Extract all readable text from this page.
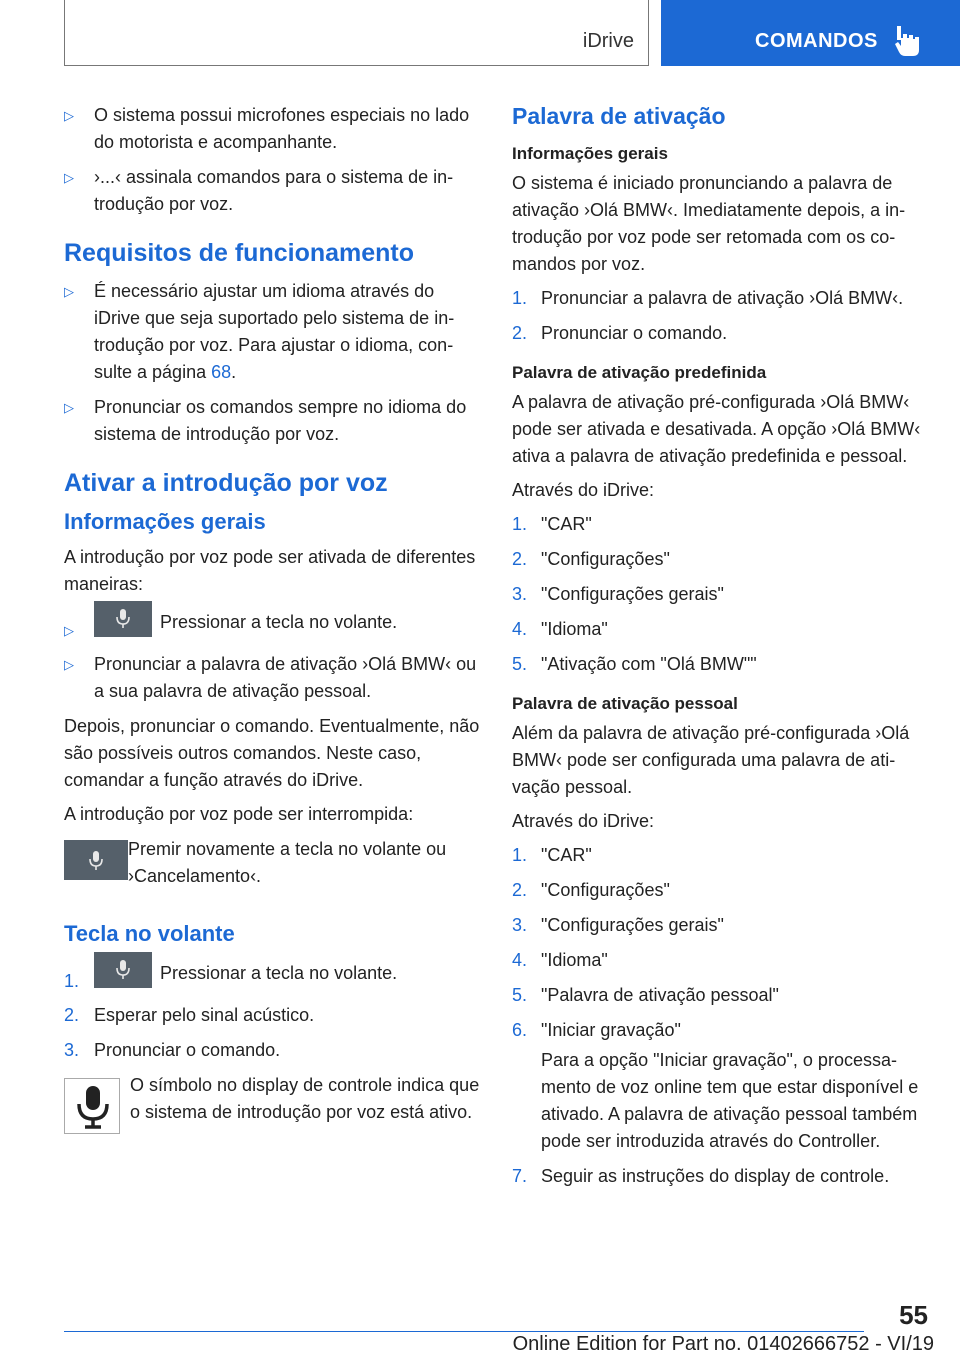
iDrive	COMANDOS
▷ O sistema possui microfones especiais no lado do motorista e acompanhante.
▷ ›...‹ assinala comandos para o sistema de introdução por voz.
Requisitos de funcionamento
▷ É necessário ajustar um idioma através do iDrive que seja suportado pelo sistema de introdução por voz. Para ajustar o idioma, consulte a página 68.
▷ Pronunciar os comandos sempre no idioma do sistema de introdução por voz.
Ativar a introdução por voz
Informações gerais

A introdução por voz pode ser ativada de diferentes maneiras:

▷	Pressionar a tecla no volante.
▷ Pronunciar a palavra de ativação ›Olá BMW‹ ou a sua palavra de ativação pessoal.

Depois, pronunciar o comando. Eventualmente, não são possíveis outros comandos. Neste caso, comandar a função através do iDrive.

A introdução por voz pode ser interrompida:

Premir novamente a tecla no volante ou ›Cancelamento‹.
Tecla no volante
1.	Pressionar a tecla no volante.
2. Esperar pelo sinal acústico.
3. Pronunciar o comando.
O símbolo no display de controle indica que o sistema de introdução por voz está ativo.
Palavra de ativação
Informações gerais

O sistema é iniciado pronunciando a palavra de ativação ›Olá BMW‹. Imediatamente depois, a introdução por voz pode ser retomada com os comandos por voz.

1. Pronunciar a palavra de ativação ›Olá BMW‹.
2. Pronunciar o comando.
Palavra de ativação predefinida

A palavra de ativação pré-configurada ›Olá BMW‹ pode ser ativada e desativada. A opção ›Olá BMW‹ ativa a palavra de ativação predefinida e pessoal.

Através do iDrive:

1. "CAR"
2. "Configurações"
3. "Configurações gerais"
4. "Idioma"
5. "Ativação com "Olá BMW""
Palavra de ativação pessoal

Além da palavra de ativação pré-configurada ›Olá BMW‹ pode ser configurada uma palavra de ativação pessoal.

Através do iDrive:

1. "CAR"
2. "Configurações"
3. "Configurações gerais"
4. "Idioma"
5. "Palavra de ativação pessoal"
6. "Iniciar gravação"
Para a opção "Iniciar gravação", o processamento de voz online tem que estar disponível e ativado. A palavra de ativação pessoal também pode ser introduzida através do Controller.
7. Seguir as instruções do display de controle.
55
Online Edition for Part no. 01402666752 - VI/19
